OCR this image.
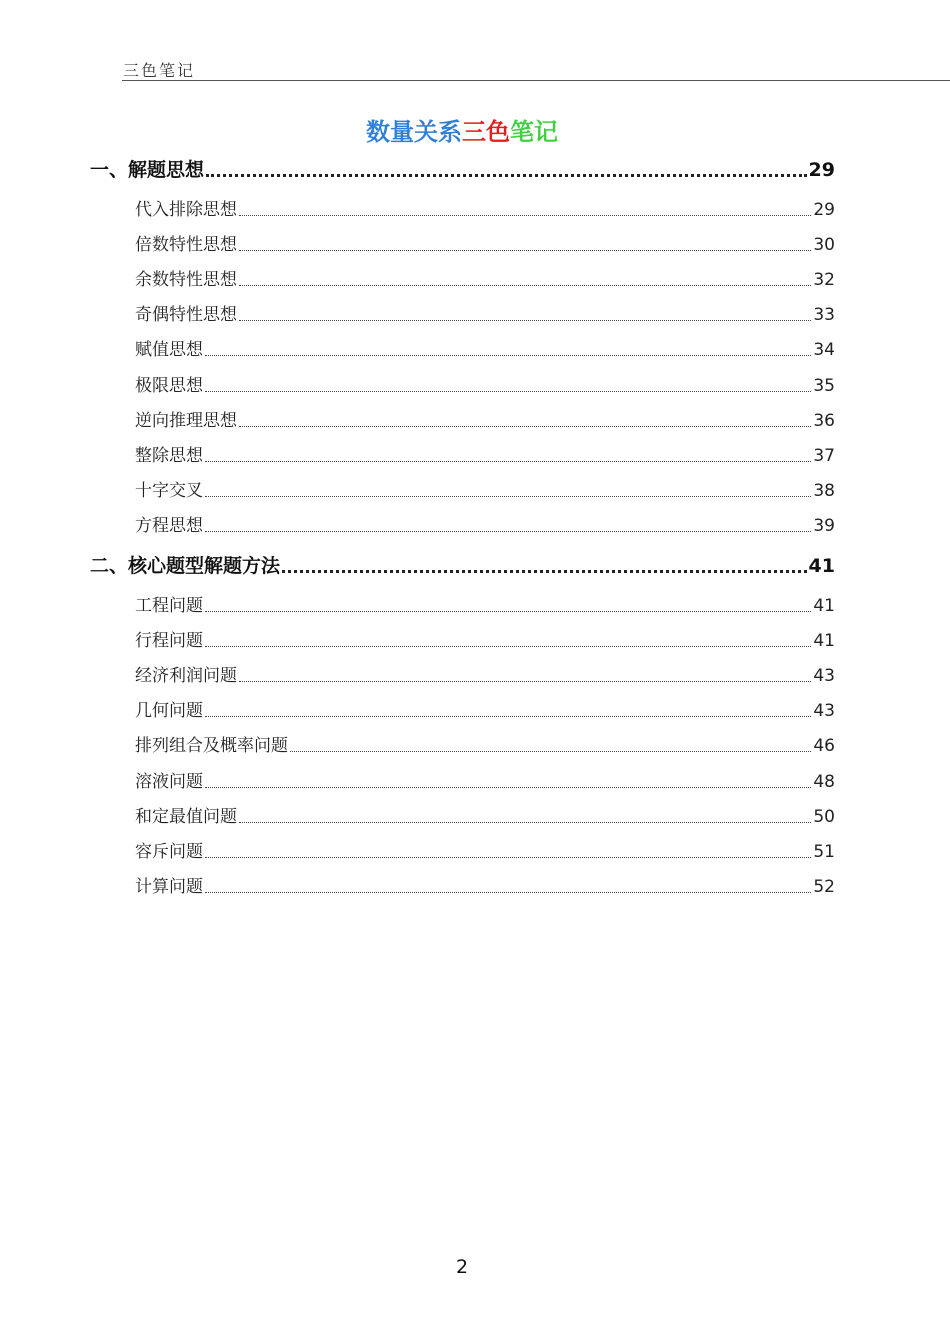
三色笔记
数量关系三色笔记
一、解题思想	29
代入排除思想	29
倍数特性思想	30
余数特性思想	32
奇偶特性思想	33
赋值思想	34
极限思想	35
逆向推理思想	36
整除思想	37
十字交叉	38
方程思想	39
二、核心题型解题方法	41
工程问题	41
行程问题	41
经济利润问题	43
几何问题	43
排列组合及概率问题	46
溶液问题	48
和定最值问题	50
容斥问题	51
计算问题	52
2
